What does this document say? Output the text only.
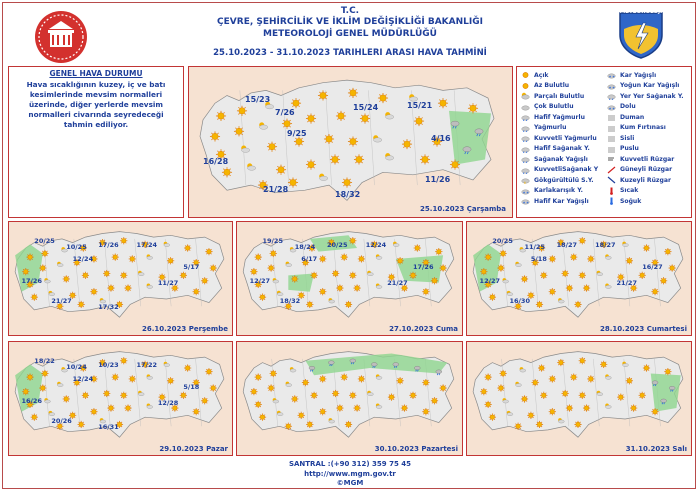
T.C.
ÇEVRE, ŞEHİRCİLİK VE İKLİM DEĞİŞİKLİĞİ BAKANLIĞI
METEOROLOJİ GENEL MÜDÜRLÜĞÜ
25.10.2023 - 31.10.2023 TARIHLERI ARASI HAVA TAHMİNİ
METEOROLOJİ
GENEL HAVA DURUMU
Hava sıcaklığının kuzey, iç ve batı kesimlerinde mevsim normalleri üzerinde, diğer yerlerde mevsim normalleri civarında seyredeceği tahmin ediliyor.
Açık
Az Bulutlu
Parçalı Bulutlu
Çok Bulutlu
Hafif Yağmurlu
Yağmurlu
Kuvvetli Yağmurlu
Hafif Sağanak Y.
Sağanak Yağışlı
KuvvetliSağanak Y
Gökgürültülü S.Y.
* * Karlakarışık Y.
* * Hafif Kar Yağışlı
* * Kar Yağışlı
* * Yoğun Kar Yağışlı
Yer Yer Sağanak Y.
* * Dolu
Duman
Kum Fırtınası
Sisli
Puslu
Kuvvetli Rüzgar
Güneyli Rüzgar
Kuzeyli Rüzgar
Sıcak
Soğuk
25.10.2023 Çarşamba
15/23
7/26
15/24	15/21
9/25
4/16
16/28
11/26
21/28
18/32
20/25
10/25 17/26	17/24
12/24
5/17
17/26	11/27
21/27
17/32
26.10.2023 Perşembe
19/25
18/24 20/25	12/24
6/17
17/26
12/27	21/27
18/32
27.10.2023 Cuma
20/25
11/25 18/27	18/27
5/18
16/27
12/27	21/27
16/30
28.10.2023 Cumartesi
18/22
10/24 10/23	17/22
12/24
5/18
16/26	12/28
20/26
16/31
29.10.2023 Pazar	30.10.2023 Pazartesi	31.10.2023 Salı
SANTRAL :(+90 312) 359 75 45
http://www.mgm.gov.tr
©MGM
